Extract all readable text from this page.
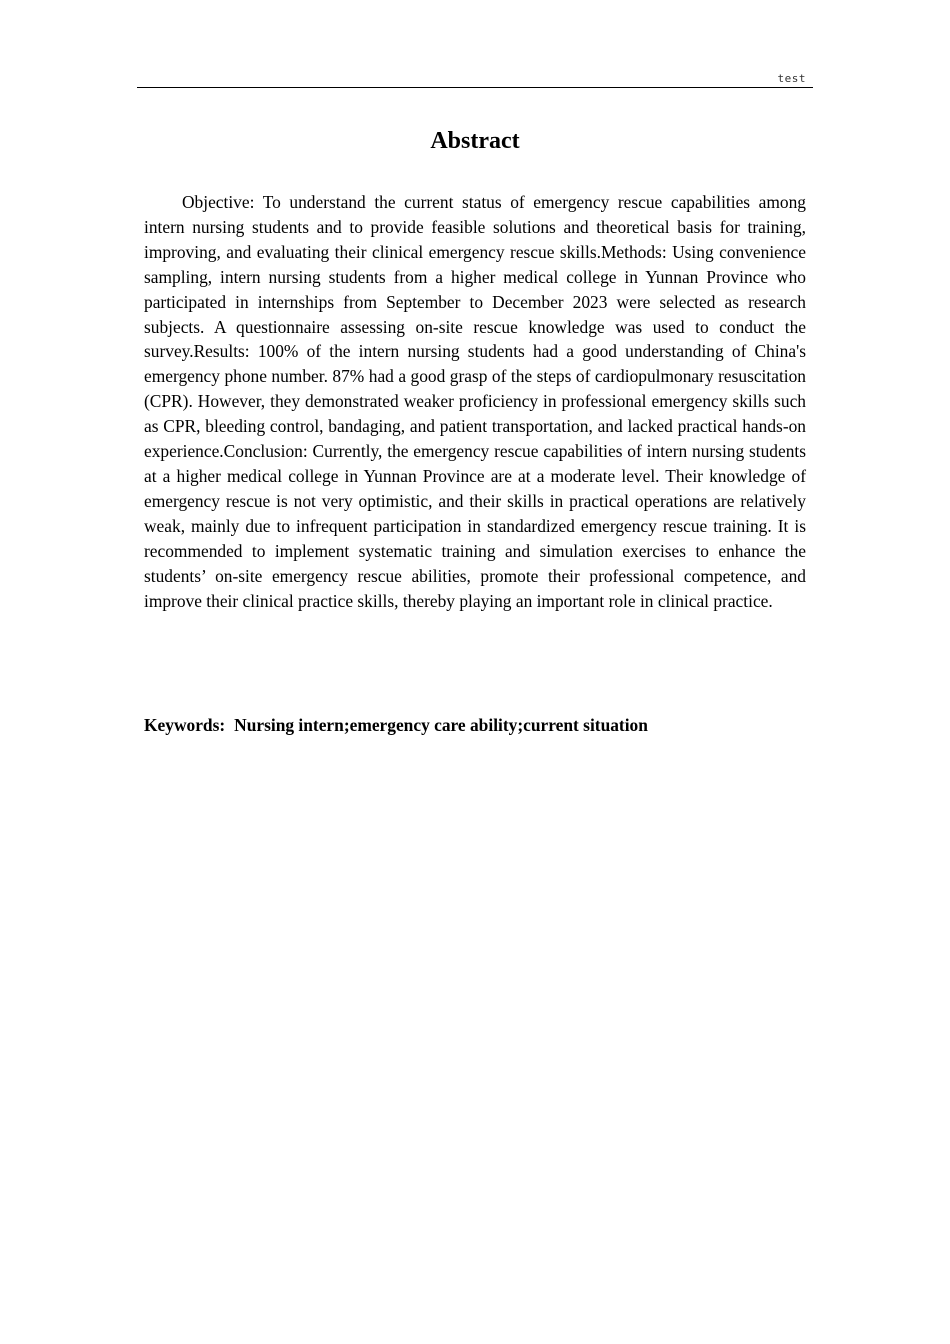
test
Abstract

Objective: To understand the current status of emergency rescue capabilities among intern nursing students and to provide feasible solutions and theoretical basis for training, improving, and evaluating their clinical emergency rescue skills.Methods: Using convenience sampling, intern nursing students from a higher medical college in Yunnan Province who participated in internships from September to December 2023 were selected as research subjects. A questionnaire assessing on-site rescue knowledge was used to conduct the survey.Results: 100% of the intern nursing students had a good understanding of China's emergency phone number. 87% had a good grasp of the steps of cardiopulmonary resuscitation (CPR). However, they demonstrated weaker proficiency in professional emergency skills such as CPR, bleeding control, bandaging, and patient transportation, and lacked practical hands-on experience.Conclusion: Currently, the emergency rescue capabilities of intern nursing students at a higher medical college in Yunnan Province are at a moderate level. Their knowledge of emergency rescue is not very optimistic, and their skills in practical operations are relatively weak, mainly due to infrequent participation in standardized emergency rescue training. It is recommended to implement systematic training and simulation exercises to enhance the students’ on-site emergency rescue abilities, promote their professional competence, and improve their clinical practice skills, thereby playing an important role in clinical practice.

Keywords: Nursing intern;emergency care ability;current situation
